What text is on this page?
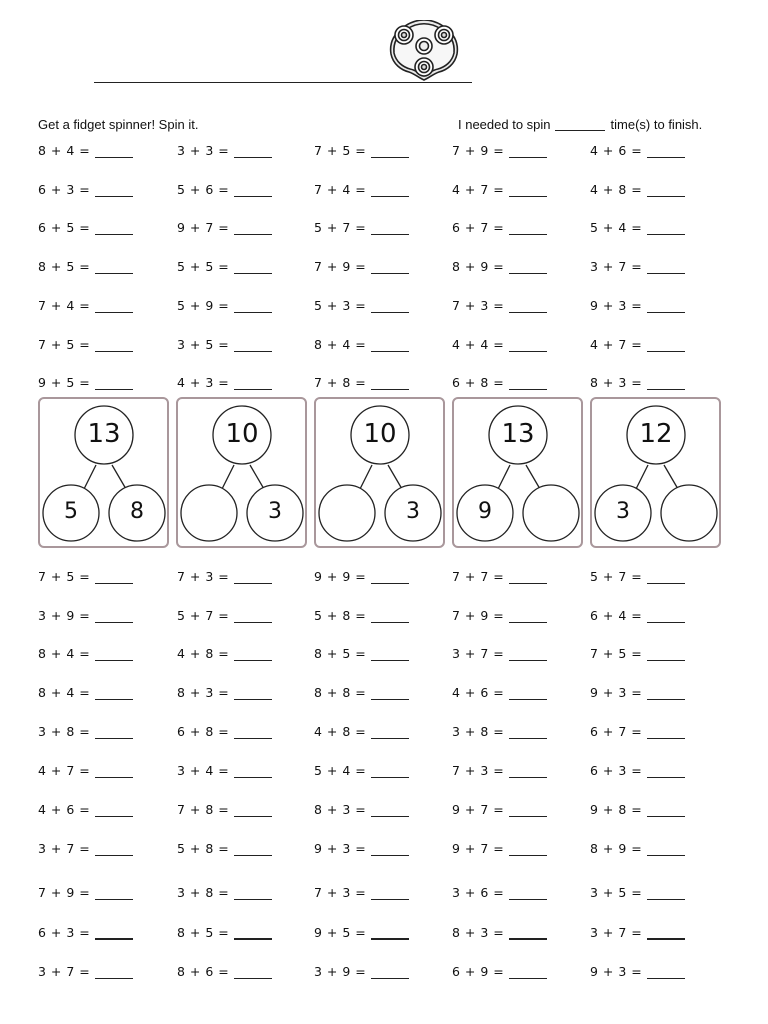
Get a fidget spinner! Spin it.	I needed to spin	time(s) to finish.
8 + 4 =	3 + 3 =	7 + 5 =	7 + 9 =	4 + 6 =
6 + 3 =	5 + 6 =	7 + 4 =	4 + 7 =	4 + 8 =
6 + 5 =	9 + 7 =	5 + 7 =	6 + 7 =	5 + 4 =
8 + 5 =	5 + 5 =	7 + 9 =	8 + 9 =	3 + 7 =
7 + 4 =	5 + 9 =	5 + 3 =	7 + 3 =	9 + 3 =
7 + 5 =	3 + 5 =	8 + 4 =	4 + 4 =	4 + 7 =
9 + 5 =	4 + 3 =	7 + 8 =	6 + 8 =	8 + 3 =
13
5	8
10
3
10
3
13
9
12
3
7 + 5 =	7 + 3 =	9 + 9 =	7 + 7 =	5 + 7 =
3 + 9 =	5 + 7 =	5 + 8 =	7 + 9 =	6 + 4 =
8 + 4 =	4 + 8 =	8 + 5 =	3 + 7 =	7 + 5 =
8 + 4 =	8 + 3 =	8 + 8 =	4 + 6 =	9 + 3 =
3 + 8 =	6 + 8 =	4 + 8 =	3 + 8 =	6 + 7 =
4 + 7 =	3 + 4 =	5 + 4 =	7 + 3 =	6 + 3 =
4 + 6 =	7 + 8 =	8 + 3 =	9 + 7 =	9 + 8 =
3 + 7 =	5 + 8 =	9 + 3 =	9 + 7 =	8 + 9 =
7 + 9 =	3 + 8 =	7 + 3 =	3 + 6 =	3 + 5 =
6 + 3 =	8 + 5 =	9 + 5 =	8 + 3 =	3 + 7 =
3 + 7 =	8 + 6 =	3 + 9 =	6 + 9 =	9 + 3 =
